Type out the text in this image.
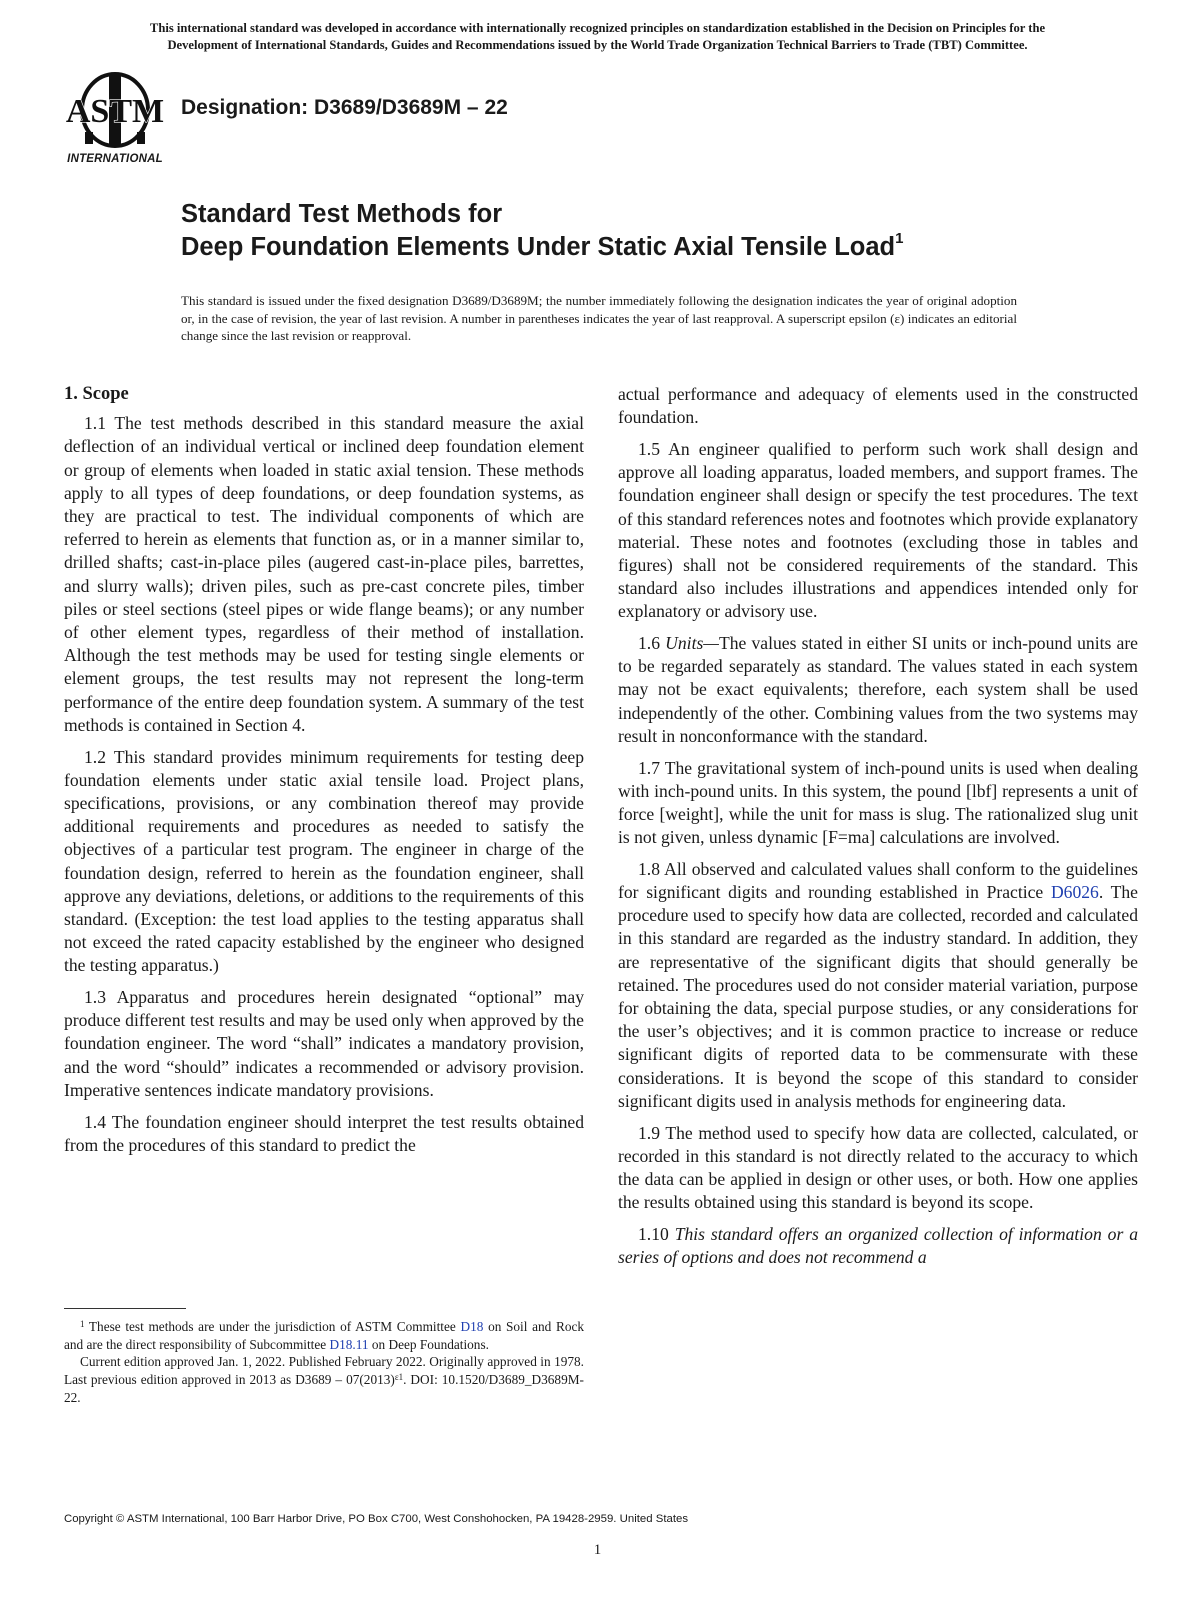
This international standard was developed in accordance with internationally recognized principles on standardization established in the Decision on Principles for the
Development of International Standards, Guides and Recommendations issued by the World Trade Organization Technical Barriers to Trade (TBT) Committee.
ASTM
INTERNATIONAL
Designation: D3689/D3689M – 22
Standard Test Methods for
Deep Foundation Elements Under Static Axial Tensile Load$^1$
This standard is issued under the fixed designation D3689/D3689M; the number immediately following the designation indicates the year of original adoption or, in the case of revision, the year of last revision. A number in parentheses indicates the year of last reapproval. A superscript epsilon (ε) indicates an editorial change since the last revision or reapproval.
1. Scope

1.1 The test methods described in this standard measure the axial deflection of an individual vertical or inclined deep foundation element or group of elements when loaded in static axial tension. These methods apply to all types of deep foundations, or deep foundation systems, as they are practical to test. The individual components of which are referred to herein as elements that function as, or in a manner similar to, drilled shafts; cast-in-place piles (augered cast-in-place piles, barrettes, and slurry walls); driven piles, such as pre-cast concrete piles, timber piles or steel sections (steel pipes or wide flange beams); or any number of other element types, regardless of their method of installation. Although the test methods may be used for testing single elements or element groups, the test results may not represent the long-term performance of the entire deep foundation system. A summary of the test methods is contained in Section 4.

1.2 This standard provides minimum requirements for testing deep foundation elements under static axial tensile load. Project plans, specifications, provisions, or any combination thereof may provide additional requirements and procedures as needed to satisfy the objectives of a particular test program. The engineer in charge of the foundation design, referred to herein as the foundation engineer, shall approve any deviations, deletions, or additions to the requirements of this standard. (Exception: the test load applies to the testing apparatus shall not exceed the rated capacity established by the engineer who designed the testing apparatus.)

1.3 Apparatus and procedures herein designated “optional” may produce different test results and may be used only when approved by the foundation engineer. The word “shall” indicates a mandatory provision, and the word “should” indicates a recommended or advisory provision. Imperative sentences indicate mandatory provisions.

1.4 The foundation engineer should interpret the test results obtained from the procedures of this standard to predict the

actual performance and adequacy of elements used in the constructed foundation.

1.5 An engineer qualified to perform such work shall design and approve all loading apparatus, loaded members, and support frames. The foundation engineer shall design or specify the test procedures. The text of this standard references notes and footnotes which provide explanatory material. These notes and footnotes (excluding those in tables and figures) shall not be considered requirements of the standard. This standard also includes illustrations and appendices intended only for explanatory or advisory use.

1.6 Units—The values stated in either SI units or inch-pound units are to be regarded separately as standard. The values stated in each system may not be exact equivalents; therefore, each system shall be used independently of the other. Combining values from the two systems may result in nonconformance with the standard.

1.7 The gravitational system of inch-pound units is used when dealing with inch-pound units. In this system, the pound [lbf] represents a unit of force [weight], while the unit for mass is slug. The rationalized slug unit is not given, unless dynamic [F=ma] calculations are involved.

1.8 All observed and calculated values shall conform to the guidelines for significant digits and rounding established in Practice D6026. The procedure used to specify how data are collected, recorded and calculated in this standard are regarded as the industry standard. In addition, they are representative of the significant digits that should generally be retained. The procedures used do not consider material variation, purpose for obtaining the data, special purpose studies, or any considerations for the user’s objectives; and it is common practice to increase or reduce significant digits of reported data to be commensurate with these considerations. It is beyond the scope of this standard to consider significant digits used in analysis methods for engineering data.

1.9 The method used to specify how data are collected, calculated, or recorded in this standard is not directly related to the accuracy to which the data can be applied in design or other uses, or both. How one applies the results obtained using this standard is beyond its scope.

1.10 This standard offers an organized collection of information or a series of options and does not recommend a

$^1$ These test methods are under the jurisdiction of ASTM Committee D18 on Soil and Rock and are the direct responsibility of Subcommittee D18.11 on Deep Foundations.

Current edition approved Jan. 1, 2022. Published February 2022. Originally approved in 1978. Last previous edition approved in 2013 as $D3689 - 07(2013)^{\varepsilon 1}$. DOI: 10.1520/D3689_D3689M-22.

Copyright © ASTM International, 100 Barr Harbor Drive, PO Box C700, West Conshohocken, PA 19428-2959. United States
1
